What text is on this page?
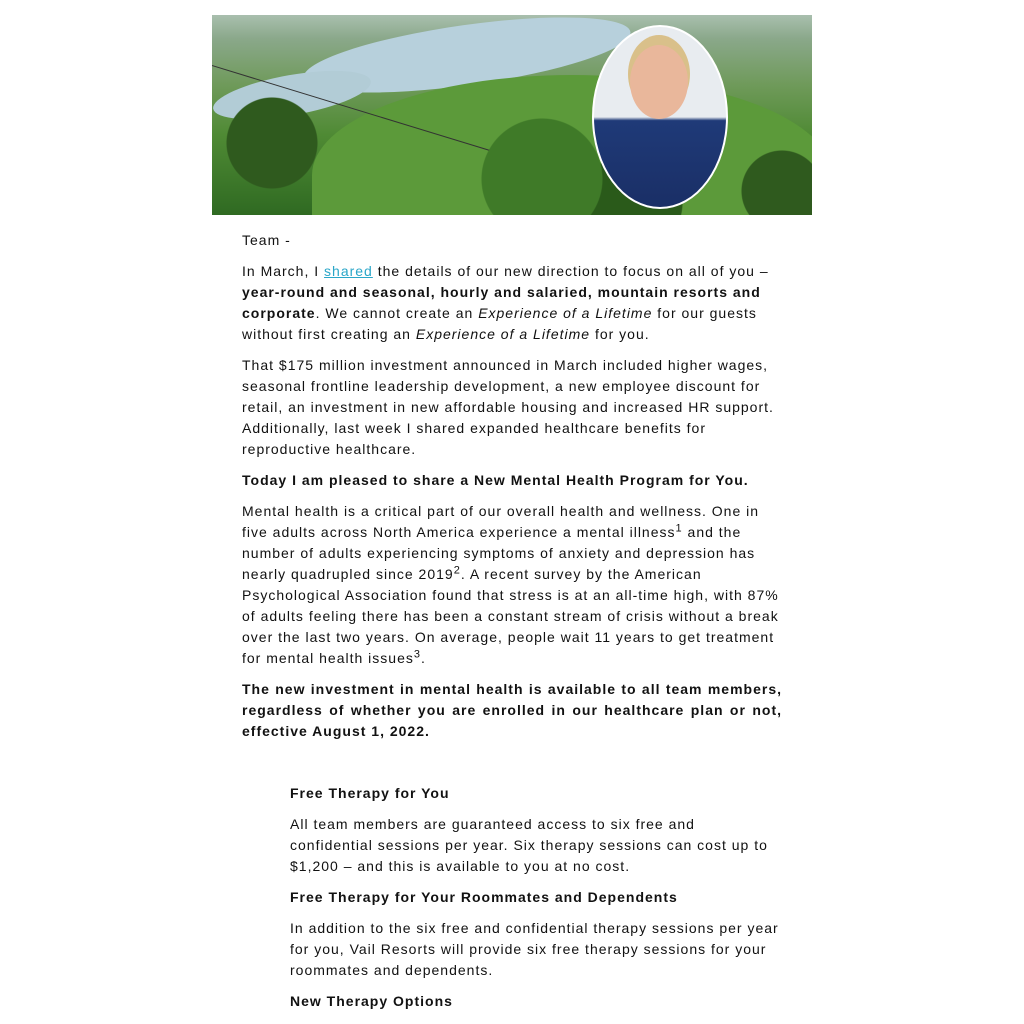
Team -

In March, I shared the details of our new direction to focus on all of you – year-round and seasonal, hourly and salaried, mountain resorts and corporate. We cannot create an Experience of a Lifetime for our guests without first creating an Experience of a Lifetime for you.

That $175 million investment announced in March included higher wages, seasonal frontline leadership development, a new employee discount for retail, an investment in new affordable housing and increased HR support. Additionally, last week I shared expanded healthcare benefits for reproductive healthcare.

Today I am pleased to share a New Mental Health Program for You.

Mental health is a critical part of our overall health and wellness. One in five adults across North America experience a mental illness$^1$ and the number of adults experiencing symptoms of anxiety and depression has nearly quadrupled since 2019$^2$. A recent survey by the American Psychological Association found that stress is at an all-time high, with 87% of adults feeling there has been a constant stream of crisis without a break over the last two years. On average, people wait 11 years to get treatment for mental health issues$^3$.

The new investment in mental health is available to all team members, regardless of whether you are enrolled in our healthcare plan or not, effective August 1, 2022.

Free Therapy for You

All team members are guaranteed access to six free and confidential sessions per year. Six therapy sessions can cost up to $1,200 – and this is available to you at no cost.

Free Therapy for Your Roommates and Dependents

In addition to the six free and confidential therapy sessions per year for you, Vail Resorts will provide six free therapy sessions for your roommates and dependents.

New Therapy Options
